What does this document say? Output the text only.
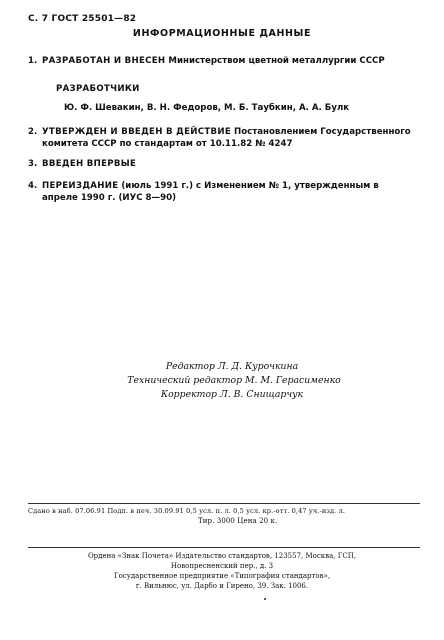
С. 7 ГОСТ 25501—82
ИНФОРМАЦИОННЫЕ ДАННЫЕ
1. РАЗРАБОТАН И ВНЕСЕН Министерством цветной металлургии СССР
РАЗРАБОТЧИКИ
Ю. Ф. Шевакин, В. Н. Федоров, М. Б. Таубкин, А. А. Булк
2. УТВЕРЖДЕН И ВВЕДЕН В ДЕЙСТВИЕ Постановлением Государственного комитета СССР по стандартам от 10.11.82 № 4247
3. ВВЕДЕН ВПЕРВЫЕ
4. ПЕРЕИЗДАНИЕ (июль 1991 г.) с Изменением № 1, утвержденным в апреле 1990 г. (ИУС 8—90)
Редактор Л. Д. Курочкина
Технический редактор М. М. Герасименко
Корректор Л. В. Снищарчук
Сдано в наб. 07.06.91 Подп. в печ. 30.09.91 0,5 усл. п. л. 0,5 усл. кр.-отт. 0,47 уч.-изд. л.
Тир. 3000 Цена 20 к.
Ордена «Знак Почета» Издательство стандартов, 123557, Москва, ГСП,
Новопресненский пер., д. 3
Государственное предприятие «Типография стандартов»,
г. Вильнюс, ул. Дарбо и Гирено, 39. Зак. 1006.
